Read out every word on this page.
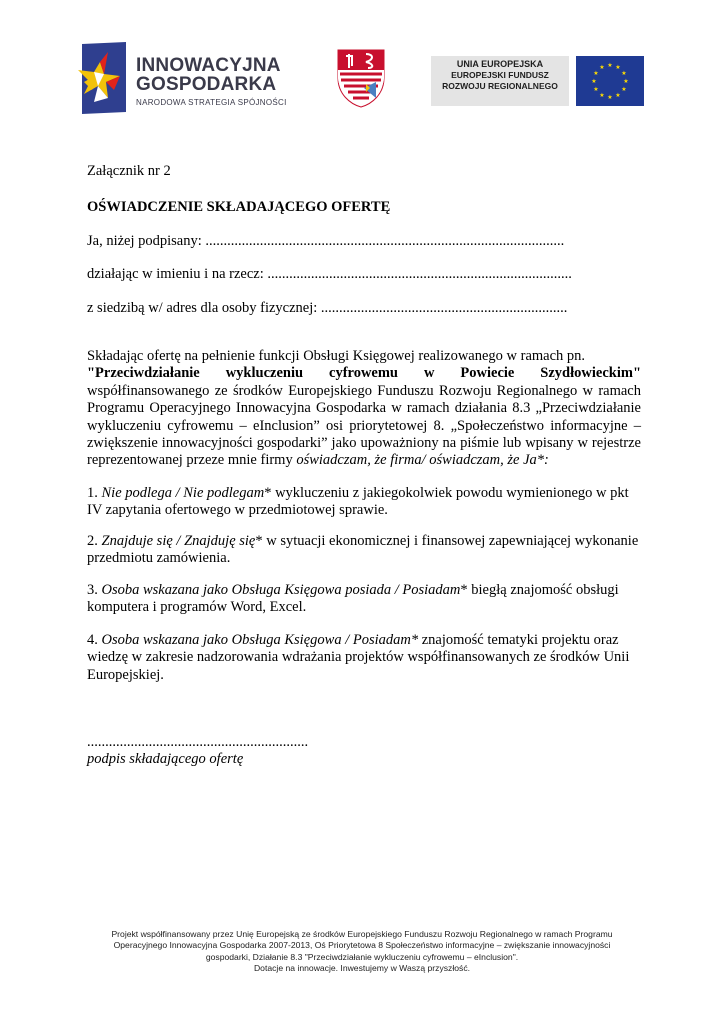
INNOWACYJNA
GOSPODARKA
NARODOWA STRATEGIA SPÓJNOŚCI
UNIA EUROPEJSKA
EUROPEJSKI FUNDUSZ
ROZWOJU REGIONALNEGO
★ ★
★
★
★
★
★
★
★
★
★
★
Załącznik nr 2
OŚWIADCZENIE SKŁADAJĄCEGO OFERTĘ
Ja, niżej podpisany: ...................................................................................................
działając w imieniu i na rzecz: ....................................................................................
z siedzibą w/ adres dla osoby fizycznej: ....................................................................
Składając ofertę na pełnienie funkcji Obsługi Księgowej realizowanego w ramach pn.
"Przeciwdziałanie wykluczeniu cyfrowemu w Powiecie Szydłowieckim" współfinansowanego ze środków Europejskiego Funduszu Rozwoju Regionalnego w ramach Programu Operacyjnego Innowacyjna Gospodarka w ramach działania 8.3 „Przeciwdziałanie wykluczeniu cyfrowemu – eInclusion” osi priorytetowej 8. „Społeczeństwo informacyjne – zwiększenie innowacyjności gospodarki” jako upoważniony na piśmie lub wpisany w rejestrze reprezentowanej przeze mnie firmy oświadczam, że firma/ oświadczam, że Ja*:
1. Nie podlega / Nie podlegam* wykluczeniu z jakiegokolwiek powodu wymienionego w pkt IV zapytania ofertowego w przedmiotowej sprawie.
2. Znajduje się / Znajduję się* w sytuacji ekonomicznej i finansowej zapewniającej wykonanie przedmiotu zamówienia.
3. Osoba wskazana jako Obsługa Księgowa posiada / Posiadam* biegłą znajomość obsługi komputera i programów Word, Excel.
4. Osoba wskazana jako Obsługa Księgowa / Posiadam* znajomość tematyki projektu oraz wiedzę w zakresie nadzorowania wdrażania projektów współfinansowanych ze środków Unii Europejskiej.
.............................................................
podpis składającego ofertę
Projekt współfinansowany przez Unię Europejską ze środków Europejskiego Funduszu Rozwoju Regionalnego w ramach Programu
Operacyjnego Innowacyjna Gospodarka 2007-2013, Oś Priorytetowa 8 Społeczeństwo informacyjne – zwiększanie innowacyjności
gospodarki, Działanie 8.3 "Przeciwdziałanie wykluczeniu cyfrowemu – eInclusion".
Dotacje na innowacje. Inwestujemy w Waszą przyszłość.
